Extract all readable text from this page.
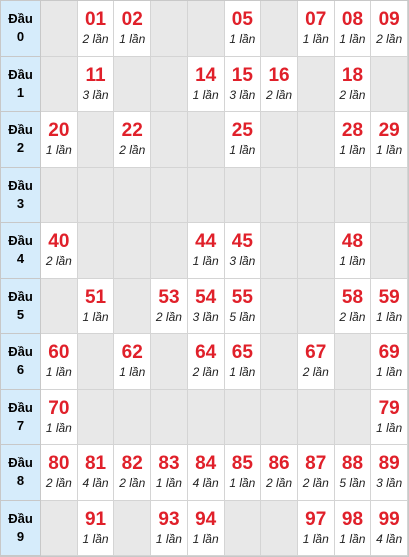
Đầu
0
01
2 lần
02
1 lần
05
1 lần
07
1 lần
08
1 lần
09
2 lần
Đầu
1
11
3 lần
14
1 lần
15
3 lần
16
2 lần
18
2 lần
Đầu
2
20
1 lần
22
2 lần
25
1 lần
28
1 lần
29
1 lần
Đầu
3
Đầu
4
40
2 lần
44
1 lần
45
3 lần
48
1 lần
Đầu
5
51
1 lần
53
2 lần
54
3 lần
55
5 lần
58
2 lần
59
1 lần
Đầu
6
60
1 lần
62
1 lần
64
2 lần
65
1 lần
67
2 lần
69
1 lần
Đầu
7
70
1 lần
79
1 lần
Đầu
8
80
2 lần
81
4 lần
82
2 lần
83
1 lần
84
4 lần
85
1 lần
86
2 lần
87
2 lần
88
5 lần
89
3 lần
Đầu
9
91
1 lần
93
1 lần
94
1 lần
97
1 lần
98
1 lần
99
4 lần
